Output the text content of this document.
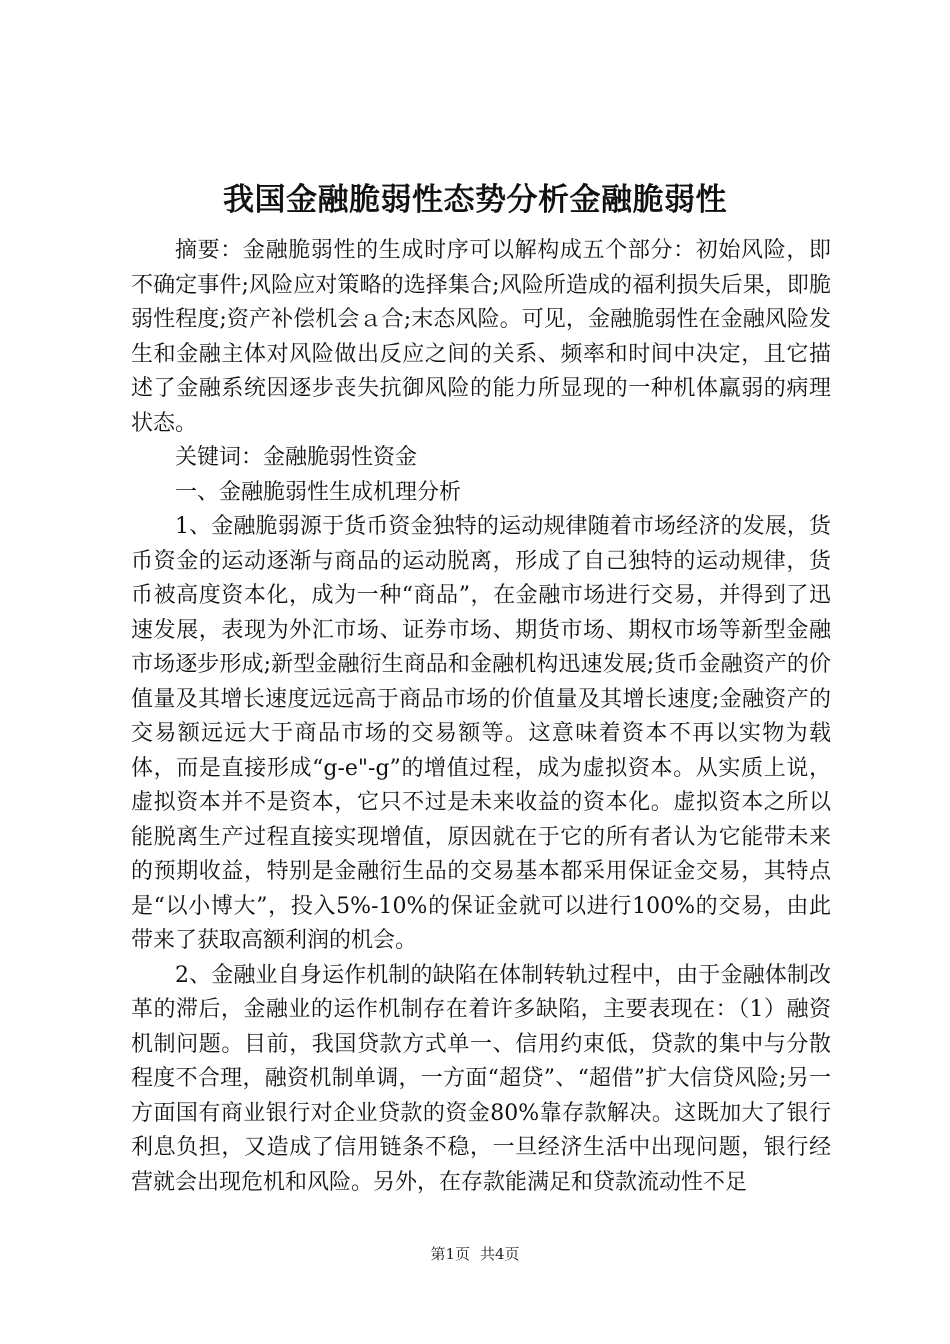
我国金融脆弱性态势分析金融脆弱性

摘要：金融脆弱性的生成时序可以解构成五个部分：初始风险，即不确定事件;风险应对策略的选择集合;风险所造成的福利损失后果，即脆弱性程度;资产补偿机会ａ合;末态风险。可见，金融脆弱性在金融风险发生和金融主体对风险做出反应之间的关系、频率和时间中决定，且它描述了金融系统因逐步丧失抗御风险的能力所显现的一种机体羸弱的病理状态。

关键词：金融脆弱性资金

一、金融脆弱性生成机理分析

1、金融脆弱源于货币资金独特的运动规律随着市场经济的发展，货币资金的运动逐渐与商品的运动脱离，形成了自己独特的运动规律，货币被高度资本化，成为一种“商品”，在金融市场进行交易，并得到了迅速发展，表现为外汇市场、证券市场、期货市场、期权市场等新型金融市场逐步形成;新型金融衍生商品和金融机构迅速发展;货币金融资产的价值量及其增长速度远远高于商品市场的价值量及其增长速度;金融资产的交易额远远大于商品市场的交易额等。这意味着资本不再以实物为载体，而是直接形成“g-e"-g”的增值过程，成为虚拟资本。从实质上说，虚拟资本并不是资本，它只不过是未来收益的资本化。虚拟资本之所以能脱离生产过程直接实现增值，原因就在于它的所有者认为它能带未来的预期收益，特别是金融衍生品的交易基本都采用保证金交易，其特点是“以小博大”，投入5%-10%的保证金就可以进行100%的交易，由此带来了获取高额利润的机会。

2、金融业自身运作机制的缺陷在体制转轨过程中，由于金融体制改革的滞后，金融业的运作机制存在着许多缺陷，主要表现在：（1）融资机制问题。目前，我国贷款方式单一、信用约束低，贷款的集中与分散程度不合理，融资机制单调，一方面“超贷”、“超借”扩大信贷风险;另一方面国有商业银行对企业贷款的资金80%靠存款解决。这既加大了银行利息负担，又造成了信用链条不稳，一旦经济生活中出现问题，银行经营就会出现危机和风险。另外，在存款能满足和贷款流动性不足

第1页 共4页
